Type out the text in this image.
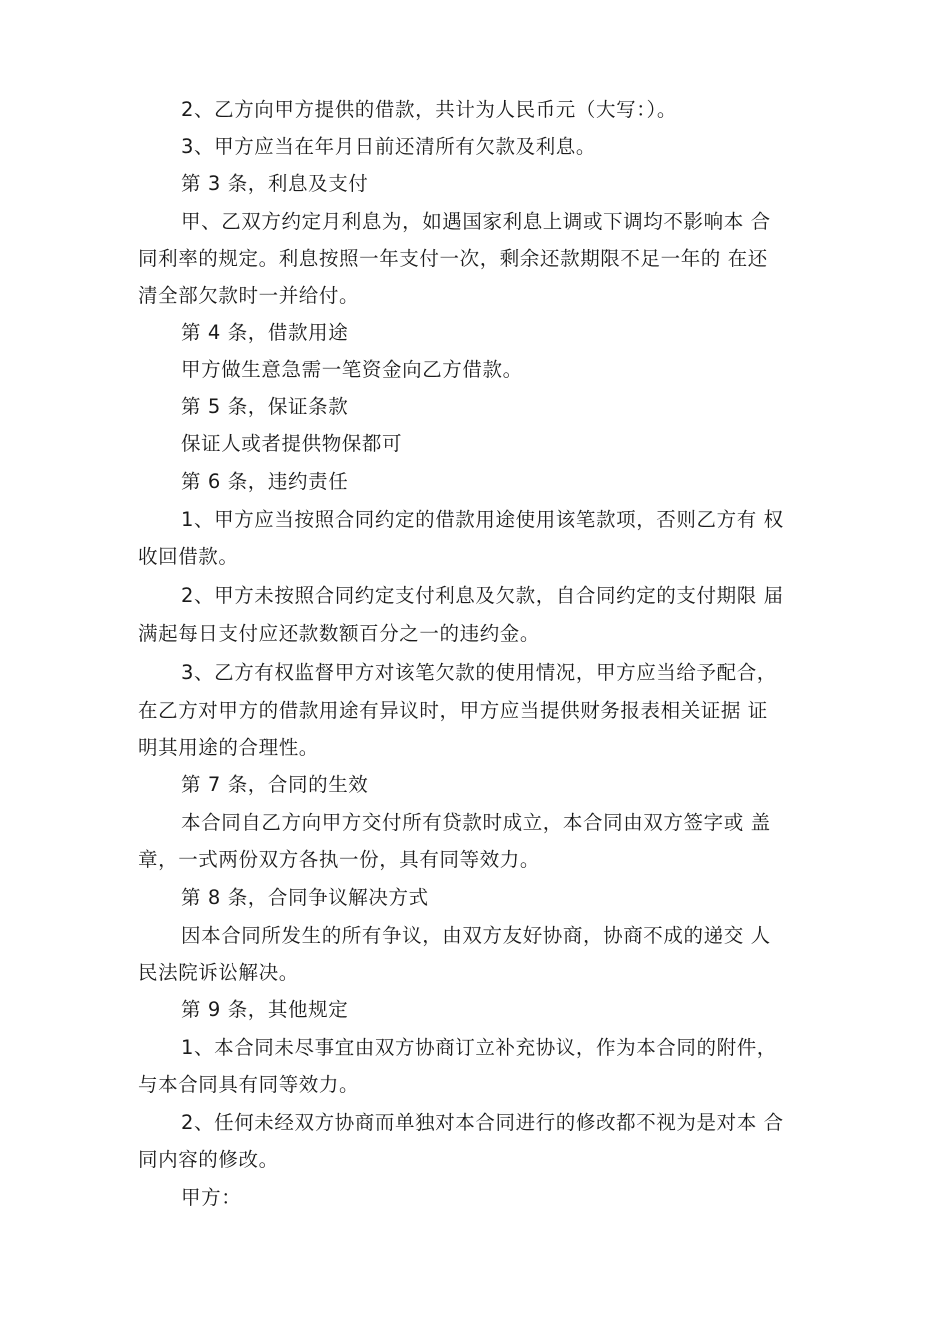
2、乙方向甲方提供的借款，共计为人民币元（大写：）。
3、甲方应当在年月日前还清所有欠款及利息。
第 3 条，利息及支付
甲、乙双方约定月利息为，如遇国家利息上调或下调均不影响本 合
同利率的规定。利息按照一年支付一次，剩余还款期限不足一年的 在还
清全部欠款时一并给付。
第 4 条，借款用途
甲方做生意急需一笔资金向乙方借款。
第 5 条，保证条款
保证人或者提供物保都可
第 6 条，违约责任
1、甲方应当按照合同约定的借款用途使用该笔款项，否则乙方有 权
收回借款。
2、甲方未按照合同约定支付利息及欠款，自合同约定的支付期限 届
满起每日支付应还款数额百分之一的违约金。
3、乙方有权监督甲方对该笔欠款的使用情况，甲方应当给予配合，
在乙方对甲方的借款用途有异议时，甲方应当提供财务报表相关证据 证
明其用途的合理性。
第 7 条，合同的生效
本合同自乙方向甲方交付所有贷款时成立，本合同由双方签字或 盖
章，一式两份双方各执一份，具有同等效力。
第 8 条，合同争议解决方式
因本合同所发生的所有争议，由双方友好协商，协商不成的递交 人
民法院诉讼解决。
第 9 条，其他规定
1、本合同未尽事宜由双方协商订立补充协议，作为本合同的附件，
与本合同具有同等效力。
2、任何未经双方协商而单独对本合同进行的修改都不视为是对本 合
同内容的修改。
甲方：
